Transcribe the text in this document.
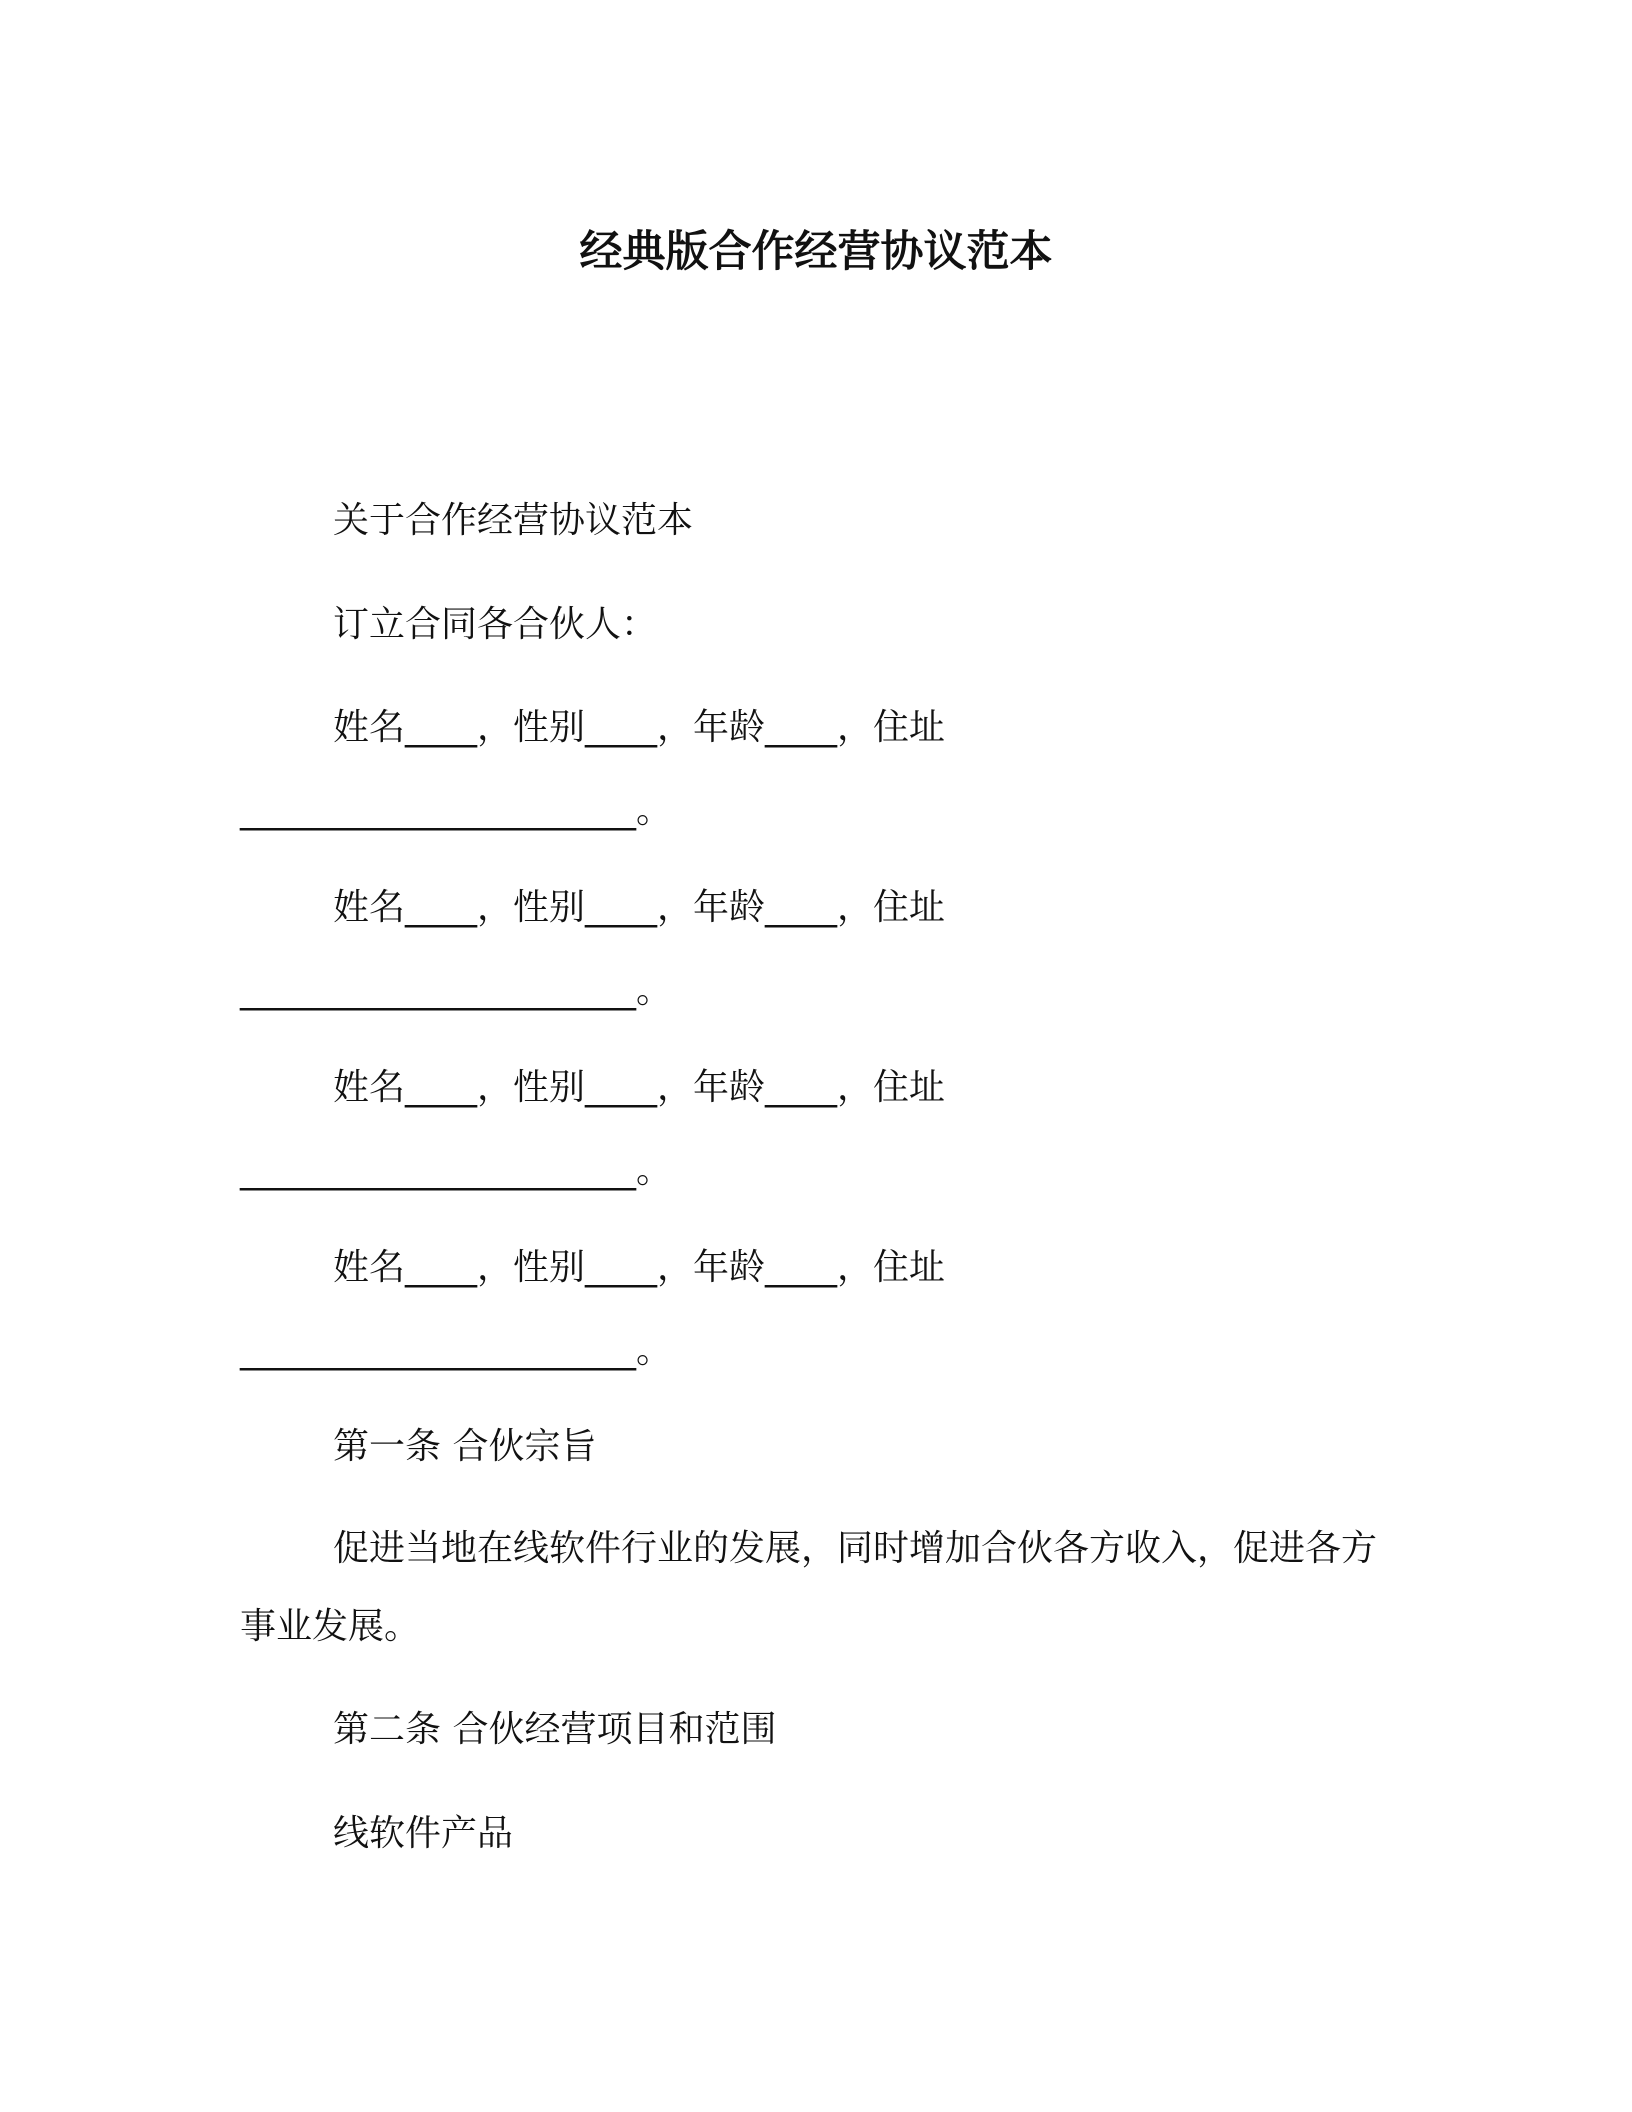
经典版合作经营协议范本
关于合作经营协议范本
订立合同各合伙人：
姓名____，性别____，年龄____，住址
______________________。
姓名____，性别____，年龄____，住址
______________________。
姓名____，性别____，年龄____，住址
______________________。
姓名____，性别____，年龄____，住址
______________________。
第一条 合伙宗旨
促进当地在线软件行业的发展，同时增加合伙各方收入，促进各方事业发展。
第二条 合伙经营项目和范围
线软件产品
